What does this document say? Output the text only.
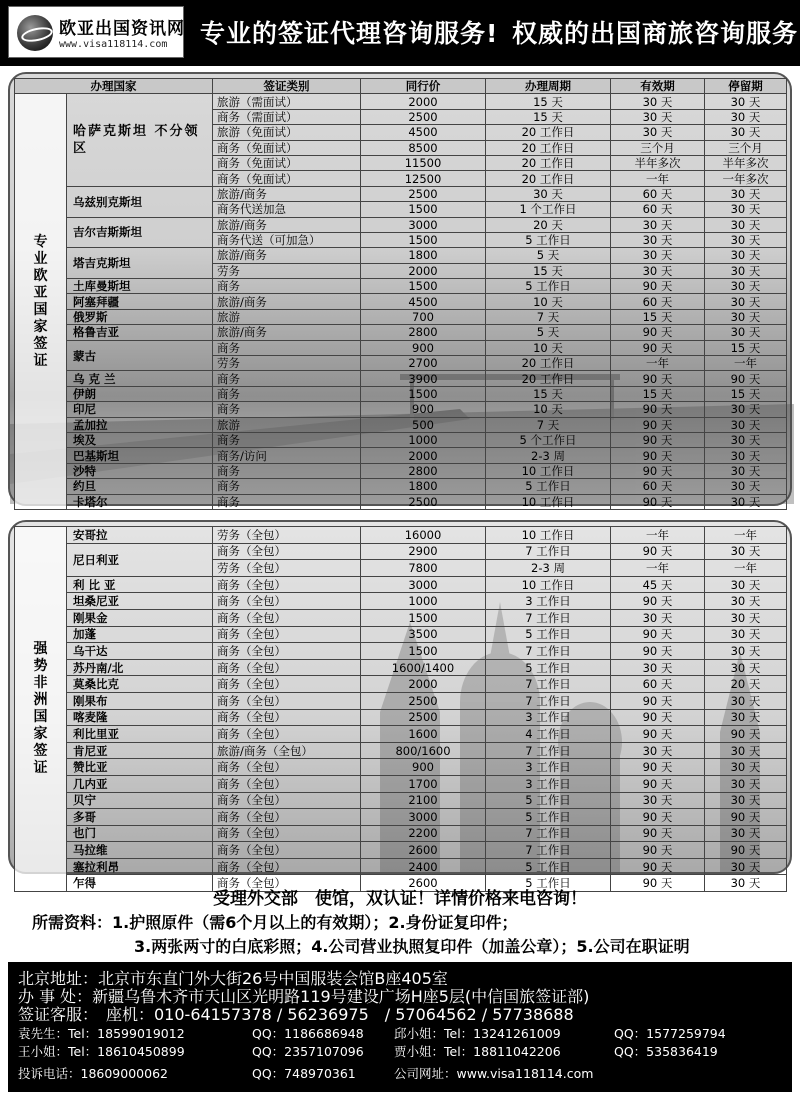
欧亚出国资讯网
www.visa118114.com 专业的签证代理咨询服务! 权威的出国商旅咨询服务
办理国家		签证类别	同行价	办理周期	有效期	停留期
专业欧亚国家签证	哈萨克斯坦 不分领区	旅游（需面试）	2000	15 天	30 天	30 天
		商务（需面试）	2500	15 天	30 天	30 天
		旅游（免面试）	4500	20 工作日	30 天	30 天
		商务（免面试）	8500	20 工作日	三个月	三个月
		商务（免面试）	11500	20 工作日	半年多次	半年多次
		商务（免面试）	12500	20 工作日	一年	一年多次
	乌兹别克斯坦	旅游/商务	2500	30 天	60 天	30 天
		商务代送加急	1500	1 个工作日	60 天	30 天
	吉尔吉斯斯坦	旅游/商务	3000	20 天	30 天	30 天
		商务代送（可加急）	1500	5 工作日	30 天	30 天
	塔吉克斯坦	旅游/商务	1800	5 天	30 天	30 天
		劳务	2000	15 天	30 天	30 天
	土库曼斯坦	商务	1500	5 工作日	90 天	30 天
	阿塞拜疆	旅游/商务	4500	10 天	60 天	30 天
	俄罗斯	旅游	700	7 天	15 天	30 天
	格鲁吉亚	旅游/商务	2800	5 天	90 天	30 天
	蒙古	商务	900	10 天	90 天	15 天
		劳务	2700	20 工作日	一年	一年
	乌 克 兰	商务	3900	20 工作日	90 天	90 天
	伊朗	商务	1500	15 天	15 天	15 天
	印尼	商务	900	10 天	90 天	30 天
	孟加拉	旅游	500	7 天	90 天	30 天
	埃及	商务	1000	5 个工作日	90 天	30 天
	巴基斯坦	商务/访问	2000	2-3 周	90 天	30 天
	沙特	商务	2800	10 工作日	90 天	30 天
	约旦	商务	1800	5 工作日	60 天	30 天
	卡塔尔	商务	2500	10 工作日	90 天	30 天
强势非洲国家签证	安哥拉	劳务（全包）	16000	10 工作日	一年	一年
	尼日利亚	商务（全包）	2900	7 工作日	90 天	30 天
		劳务（全包）	7800	2-3 周	一年	一年
	利 比 亚	商务（全包）	3000	10 工作日	45 天	30 天
	坦桑尼亚	商务（全包）	1000	3 工作日	90 天	30 天
	刚果金	商务（全包）	1500	7 工作日	30 天	30 天
	加蓬	商务（全包）	3500	5 工作日	90 天	30 天
	乌干达	商务（全包）	1500	7 工作日	90 天	30 天
	苏丹南/北	商务（全包）	1600/1400	5 工作日	30 天	30 天
	莫桑比克	商务（全包）	2000	7 工作日	60 天	20 天
	刚果布	商务（全包）	2500	7 工作日	90 天	30 天
	喀麦隆	商务（全包）	2500	3 工作日	90 天	30 天
	利比里亚	商务（全包）	1600	4 工作日	90 天	90 天
	肯尼亚	旅游/商务（全包）	800/1600	7 工作日	30 天	30 天
	赞比亚	商务（全包）	900	3 工作日	90 天	30 天
	几内亚	商务（全包）	1700	3 工作日	90 天	30 天
	贝宁	商务（全包）	2100	5 工作日	30 天	30 天
	多哥	商务（全包）	3000	5 工作日	90 天	90 天
	也门	商务（全包）	2200	7 工作日	90 天	30 天
	马拉维	商务（全包）	2600	7 工作日	90 天	90 天
	塞拉利昂	商务（全包）	2400	5 工作日	90 天	30 天
	乍得	商务（全包）	2600	5 工作日	90 天	30 天
受理外交部　使馆，双认证！详情价格来电咨询！
所需资料：1.护照原件（需6个月以上的有效期）；2.身份证复印件；
3.两张两寸的白底彩照；4.公司营业执照复印件（加盖公章）；5.公司在职证明
北京地址：北京市东直门外大街26号中国服装会馆B座405室
办 事 处：新疆乌鲁木齐市天山区光明路119号建设广场H座5层(中信国旅签证部)
签证客服：　座机：010-64157378 / 56236975　/ 57064562 / 57738688
袁先生：Tel：18599019012	QQ：1186686948 邱小姐：Tel：13241261009	QQ：1577259794
王小姐：Tel：18610450899	QQ：2357107096 贾小姐：Tel：18811042206	QQ：535836419
投诉电话：18609000062	QQ：748970361	公司网址：www.visa118114.com
